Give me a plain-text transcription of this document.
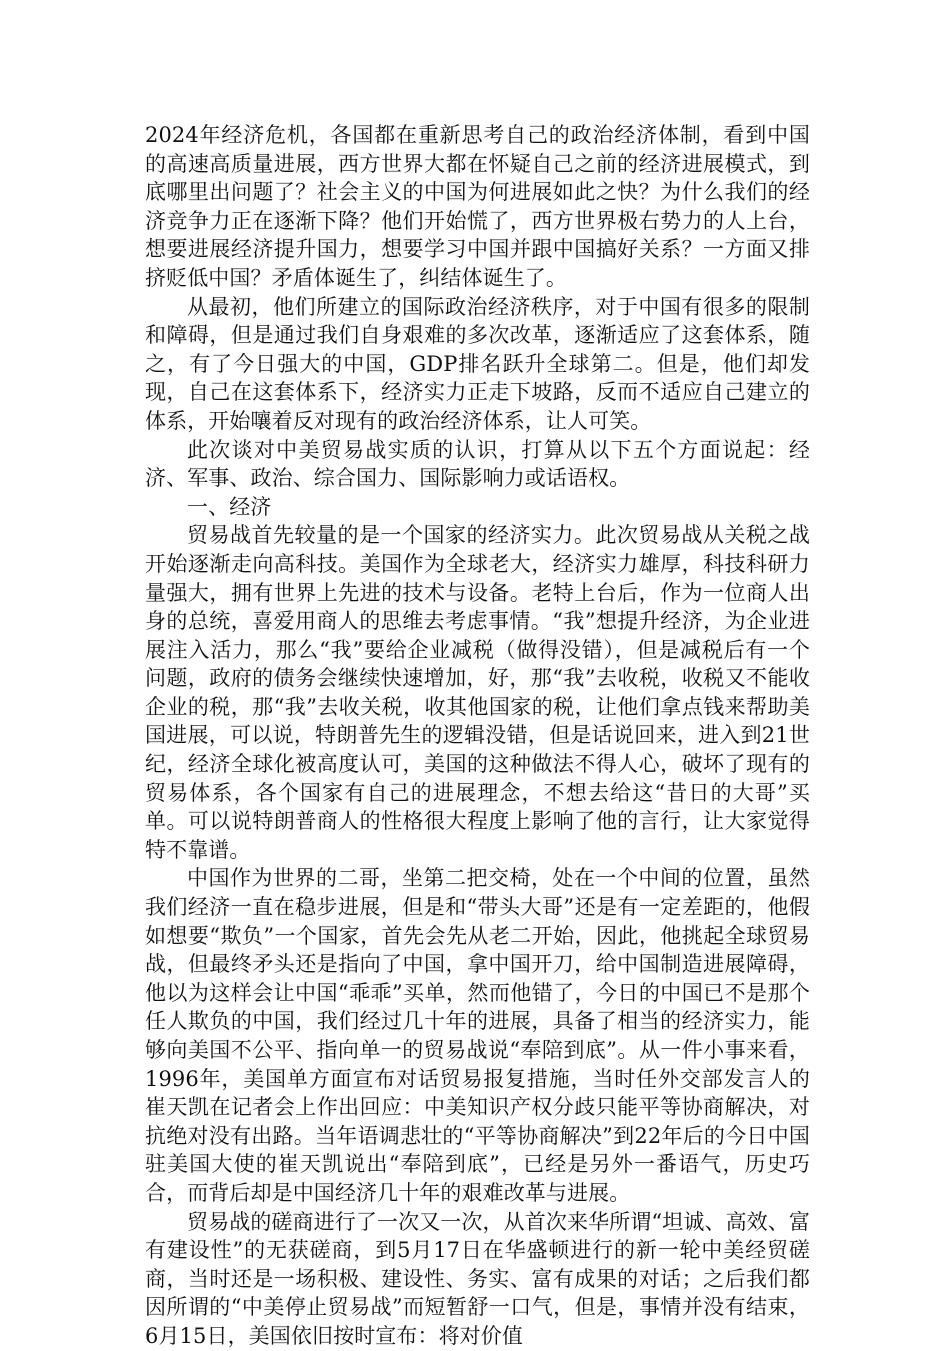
2024年经济危机，各国都在重新思考自己的政治经济体制，看到中国的高速高质量进展，西方世界大都在怀疑自己之前的经济进展模式，到底哪里出问题了？社会主义的中国为何进展如此之快？为什么我们的经济竞争力正在逐渐下降？他们开始慌了，西方世界极右势力的人上台，想要进展经济提升国力，想要学习中国并跟中国搞好关系？一方面又排挤贬低中国？矛盾体诞生了，纠结体诞生了。

从最初，他们所建立的国际政治经济秩序，对于中国有很多的限制和障碍，但是通过我们自身艰难的多次改革，逐渐适应了这套体系，随之，有了今日强大的中国，GDP排名跃升全球第二。但是，他们却发现，自己在这套体系下，经济实力正走下坡路，反而不适应自己建立的体系，开始嚷着反对现有的政治经济体系，让人可笑。

此次谈对中美贸易战实质的认识，打算从以下五个方面说起：经济、军事、政治、综合国力、国际影响力或话语权。

一、经济

贸易战首先较量的是一个国家的经济实力。此次贸易战从关税之战开始逐渐走向高科技。美国作为全球老大，经济实力雄厚，科技科研力量强大，拥有世界上先进的技术与设备。老特上台后，作为一位商人出身的总统，喜爱用商人的思维去考虑事情。“我”想提升经济，为企业进展注入活力，那么“我”要给企业减税（做得没错），但是减税后有一个问题，政府的债务会继续快速增加，好，那“我”去收税，收税又不能收企业的税，那“我”去收关税，收其他国家的税，让他们拿点钱来帮助美国进展，可以说，特朗普先生的逻辑没错，但是话说回来，进入到21世纪，经济全球化被高度认可，美国的这种做法不得人心，破坏了现有的贸易体系，各个国家有自己的进展理念，不想去给这“昔日的大哥”买单。可以说特朗普商人的性格很大程度上影响了他的言行，让大家觉得特不靠谱。

中国作为世界的二哥，坐第二把交椅，处在一个中间的位置，虽然我们经济一直在稳步进展，但是和“带头大哥”还是有一定差距的，他假如想要“欺负”一个国家，首先会先从老二开始，因此，他挑起全球贸易战，但最终矛头还是指向了中国，拿中国开刀，给中国制造进展障碍，他以为这样会让中国“乖乖”买单，然而他错了，今日的中国已不是那个任人欺负的中国，我们经过几十年的进展，具备了相当的经济实力，能够向美国不公平、指向单一的贸易战说“奉陪到底”。从一件小事来看，1996年，美国单方面宣布对话贸易报复措施，当时任外交部发言人的崔天凯在记者会上作出回应：中美知识产权分歧只能平等协商解决，对抗绝对没有出路。当年语调悲壮的“平等协商解决”到22年后的今日中国驻美国大使的崔天凯说出“奉陪到底”，已经是另外一番语气，历史巧合，而背后却是中国经济几十年的艰难改革与进展。

贸易战的磋商进行了一次又一次，从首次来华所谓“坦诚、高效、富有建设性”的无获磋商，到5月17日在华盛顿进行的新一轮中美经贸磋商，当时还是一场积极、建设性、务实、富有成果的对话；之后我们都因所谓的“中美停止贸易战”而短暂舒一口气，但是，事情并没有结束，6月15日，美国依旧按时宣布：将对价值
